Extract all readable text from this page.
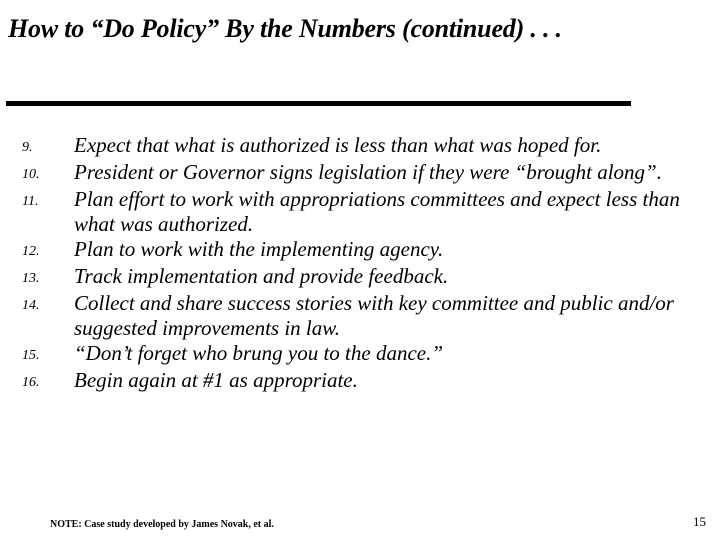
How to “Do Policy” By the Numbers (continued) . . .
9.	Expect that what is authorized is less than what was hoped for.
10.	President or Governor signs legislation if they were “brought along”.
11.	Plan effort to work with appropriations committees and expect less than what was authorized.
12.	Plan to work with the implementing agency.
13.	Track implementation and provide feedback.
14.	Collect and share success stories with key committee and public and/or suggested improvements in law.
15.	“Don’t forget who brung you to the dance.”
16.	Begin again at #1 as appropriate.
NOTE: Case study developed by James Novak, et al.	15
